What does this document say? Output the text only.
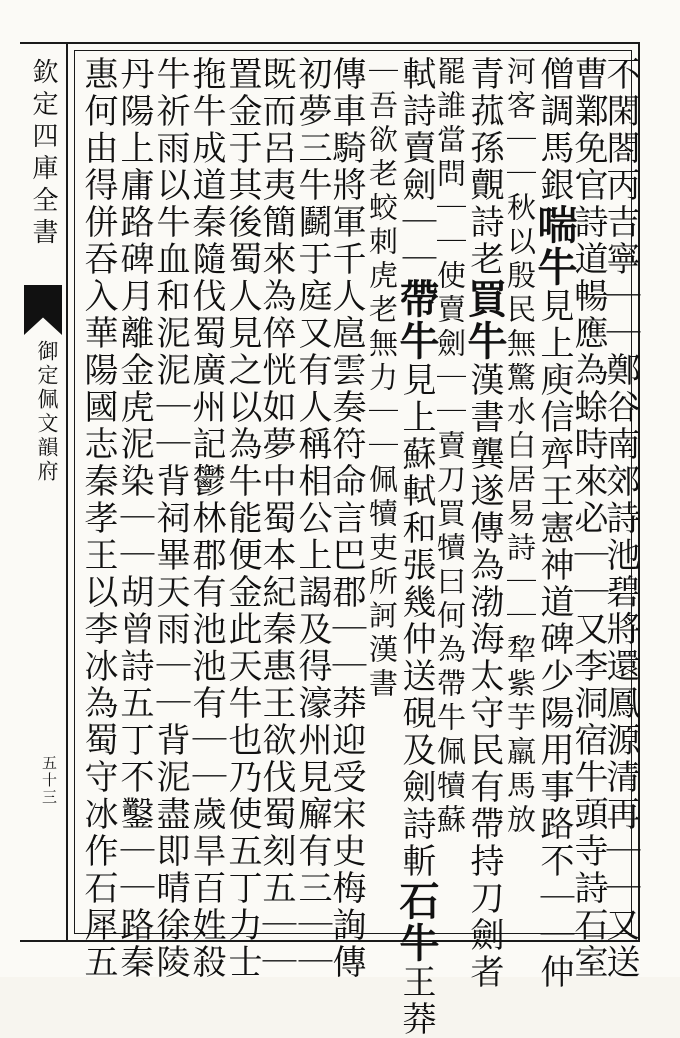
欽定四庫全書
御定佩文韻府
五十三	不閑閤丙吉寧｜｜鄭谷南郊詩池碧將還鳳源清再｜｜又送
曹鄴免官詩道暢應為蜍時來必｜｜又李洞宿牛頭寺詩石室
僧調馬銀喘牛見上庾信齊王憲神道碑少陽用事路不｜｜仲
河客｜｜秋以殷民無驚水白居易詩｜｜犂紫芋羸馬放
青菰孫覿詩老買牛漢書龔遂傳為渤海太守民有帶持刀劍者
罷誰當問｜｜使賣劍｜｜賣刀買犢曰何為帶牛佩犢蘇
軾詩賣劍｜｜帶牛見上蘇軾和張幾仲送硯及劍詩斬石牛王莽
｜吾欲老蛟刺虎老無力｜｜佩犢吏所訶漢書
傳車騎將軍千人扈雲奏符命言巴郡｜｜莽迎受宋史梅詢傳
初夢三牛鬬于庭又有人稱相公上謁及得濠州見廨有三｜｜
既而呂夷簡來為倅恍如夢中蜀本紀秦惠王欲伐蜀刻五｜｜
置金于其後蜀人見之以為牛能便金此天牛也乃使五丁力士
拖牛成道秦隨伐蜀廣州記鬱林郡有池池有｜｜歲旱百姓殺
牛祈雨以牛血和泥泥｜｜背祠畢天雨｜｜背泥盡即晴徐陵
丹陽上庸路碑月離金虎泥染｜｜胡曾詩五丁不鑿｜｜路秦
惠何由得併吞入華陽國志秦孝王以李冰為蜀守冰作石犀五
